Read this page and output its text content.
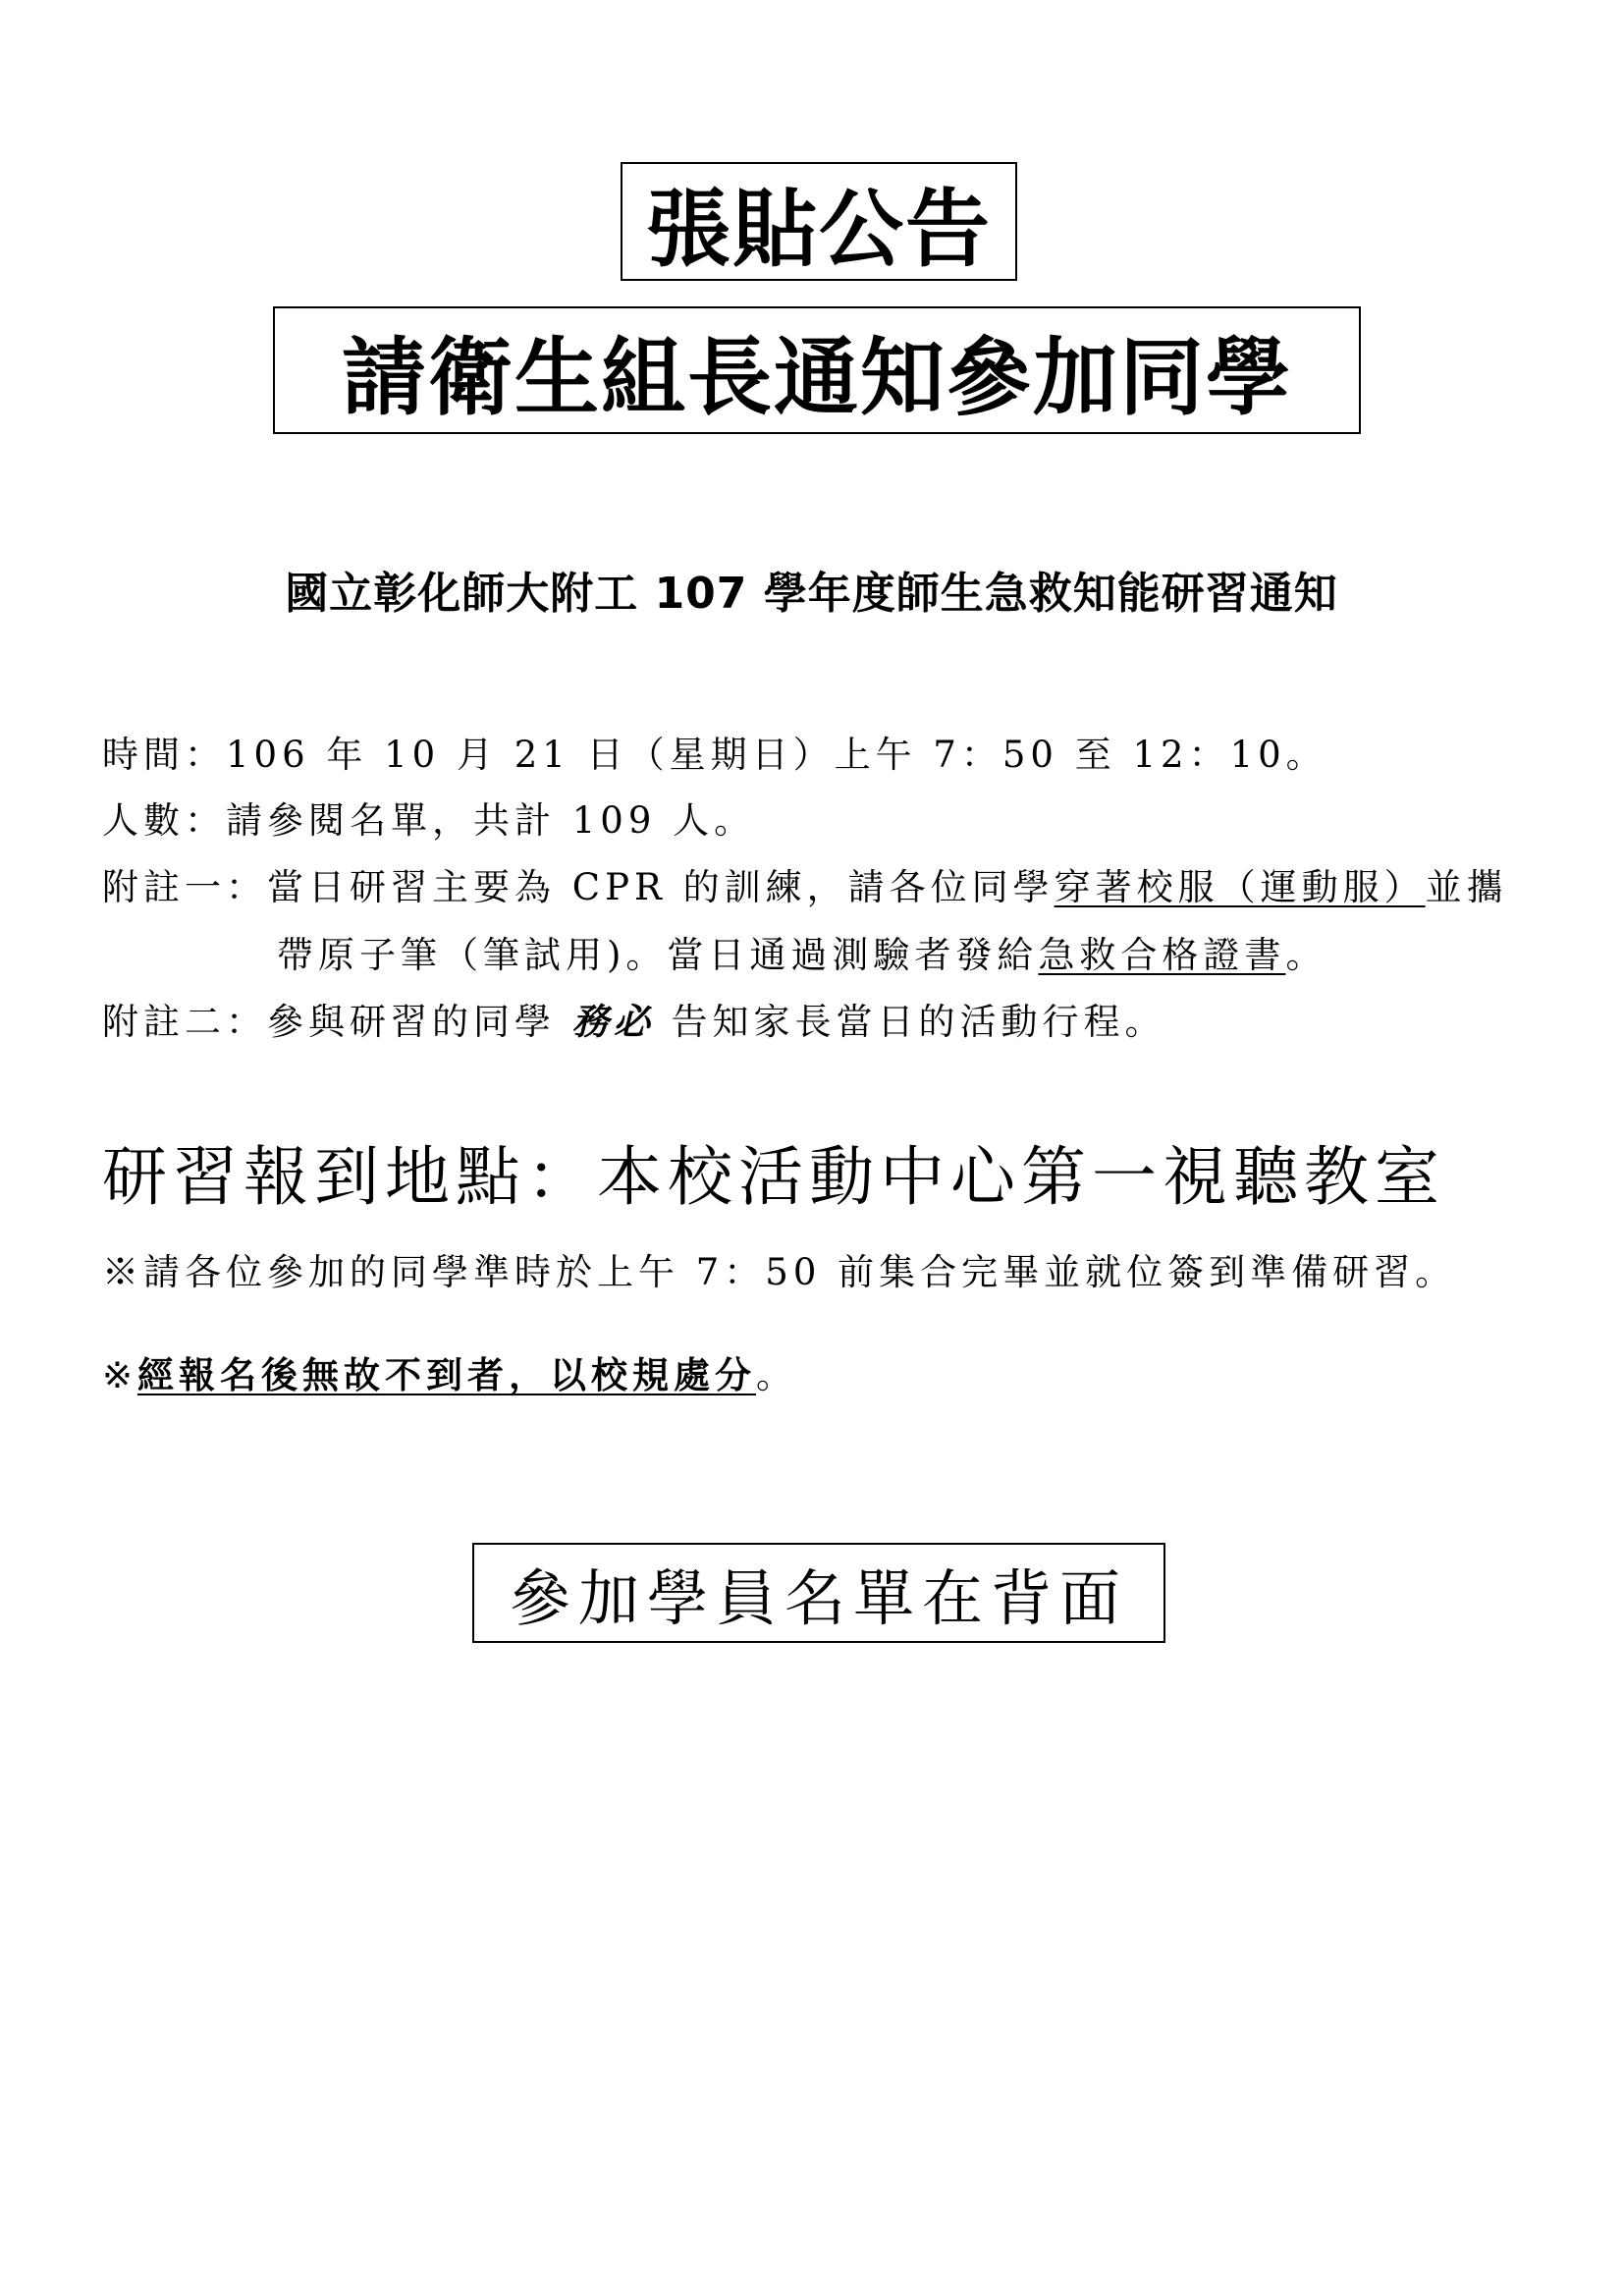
張貼公告
請衛生組長通知參加同學
國立彰化師大附工 107 學年度師生急救知能研習通知
時間：106 年 10 月 21 日（星期日）上午 7：50 至 12：10。
人數：請參閱名單，共計 109 人。
附註一：當日研習主要為 CPR 的訓練，請各位同學穿著校服（運動服）並攜
帶原子筆（筆試用)。當日通過測驗者發給急救合格證書。
附註二：參與研習的同學 務必 告知家長當日的活動行程。
研習報到地點：本校活動中心第一視聽教室
※請各位參加的同學準時於上午 7：50 前集合完畢並就位簽到準備研習。
※經報名後無故不到者，以校規處分。
參加學員名單在背面
